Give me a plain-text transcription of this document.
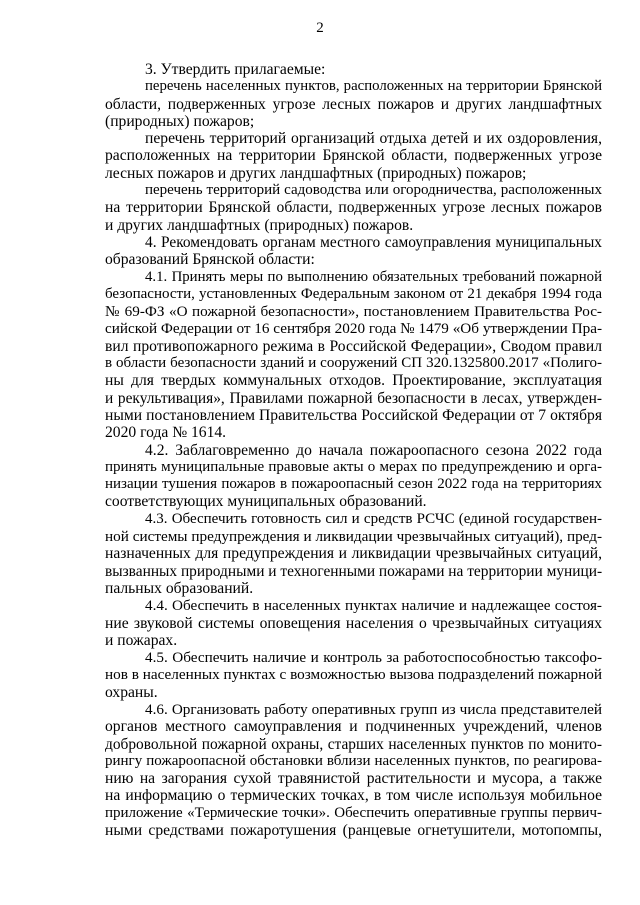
2
3. Утвердить прилагаемые:
перечень населенных пунктов, расположенных на территории Брянской
области, подверженных угрозе лесных пожаров и других ландшафтных
(природных) пожаров;
перечень территорий организаций отдыха детей и их оздоровления,
расположенных на территории Брянской области, подверженных угрозе
лесных пожаров и других ландшафтных (природных) пожаров;
перечень территорий садоводства или огородничества, расположенных
на территории Брянской области, подверженных угрозе лесных пожаров
и других ландшафтных (природных) пожаров.
4. Рекомендовать органам местного самоуправления муниципальных
образований Брянской области:
4.1. Принять меры по выполнению обязательных требований пожарной
безопасности, установленных Федеральным законом от 21 декабря 1994 года
№ 69-ФЗ «О пожарной безопасности», постановлением Правительства Рос-
сийской Федерации от 16 сентября 2020 года № 1479 «Об утверждении Пра-
вил противопожарного режима в Российской Федерации», Сводом правил
в области безопасности зданий и сооружений СП 320.1325800.2017 «Полиго-
ны для твердых коммунальных отходов. Проектирование, эксплуатация
и рекультивация», Правилами пожарной безопасности в лесах, утвержден-
ными постановлением Правительства Российской Федерации от 7 октября
2020 года № 1614.
4.2. Заблаговременно до начала пожароопасного сезона 2022 года
принять муниципальные правовые акты о мерах по предупреждению и орга-
низации тушения пожаров в пожароопасный сезон 2022 года на территориях
соответствующих муниципальных образований.
4.3. Обеспечить готовность сил и средств РСЧС (единой государствен-
ной системы предупреждения и ликвидации чрезвычайных ситуаций), пред-
назначенных для предупреждения и ликвидации чрезвычайных ситуаций,
вызванных природными и техногенными пожарами на территории муници-
пальных образований.
4.4. Обеспечить в населенных пунктах наличие и надлежащее состоя-
ние звуковой системы оповещения населения о чрезвычайных ситуациях
и пожарах.
4.5. Обеспечить наличие и контроль за работоспособностью таксофо-
нов в населенных пунктах с возможностью вызова подразделений пожарной
охраны.
4.6. Организовать работу оперативных групп из числа представителей
органов местного самоуправления и подчиненных учреждений, членов
добровольной пожарной охраны, старших населенных пунктов по монито-
рингу пожароопасной обстановки вблизи населенных пунктов, по реагирова-
нию на загорания сухой травянистой растительности и мусора, а также
на информацию о термических точках, в том числе используя мобильное
приложение «Термические точки». Обеспечить оперативные группы первич-
ными средствами пожаротушения (ранцевые огнетушители, мотопомпы,
